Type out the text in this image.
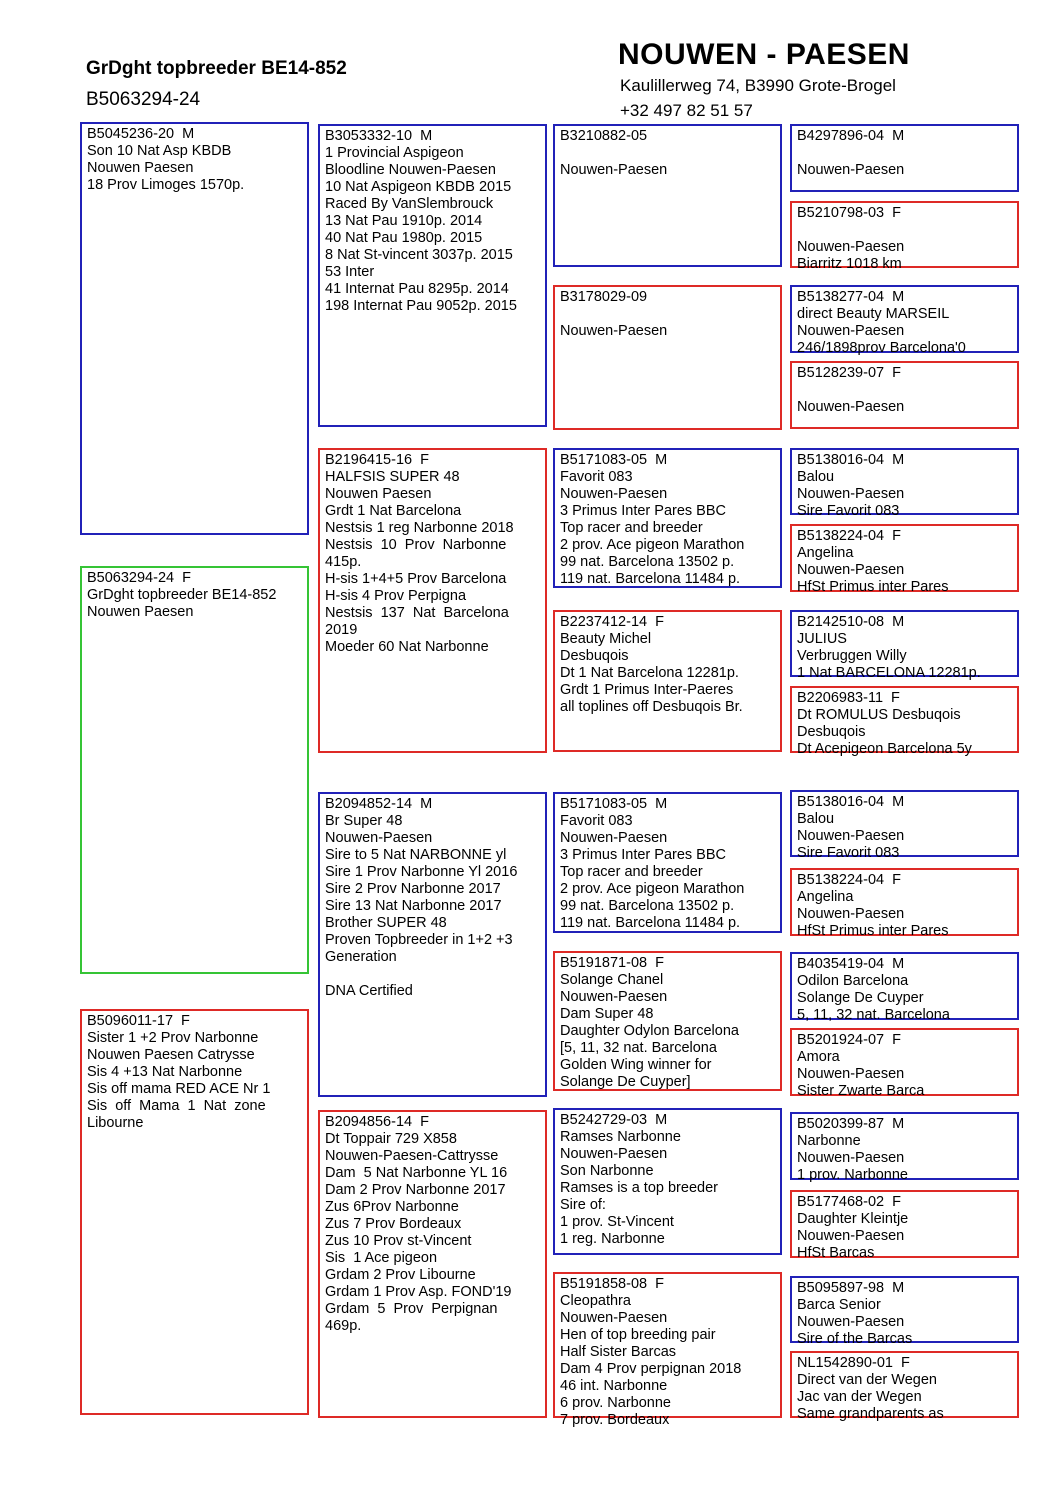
GrDght topbreeder BE14-852
B5063294-24
NOUWEN - PAESEN
Kaulillerweg 74, B3990 Grote-Brogel
+32 497 82 51 57
B5045236-20  M
Son 10 Nat Asp KBDB
Nouwen Paesen
18 Prov Limoges 1570p.
B5063294-24  F
GrDght topbreeder BE14-852
Nouwen Paesen
B5096011-17  F
Sister 1 +2 Prov Narbonne
Nouwen Paesen Catrysse
Sis 4 +13 Nat Narbonne
Sis off mama RED ACE Nr 1
Sis  off  Mama  1  Nat  zone
Libourne
B3053332-10  M
1 Provincial Aspigeon
Bloodline Nouwen-Paesen
10 Nat Aspigeon KBDB 2015
Raced By VanSlembrouck
13 Nat Pau 1910p. 2014
40 Nat Pau 1980p. 2015
8 Nat St-vincent 3037p. 2015
53 Inter
41 Internat Pau 8295p. 2014
198 Internat Pau 9052p. 2015
B2196415-16  F
HALFSIS SUPER 48
Nouwen Paesen
Grdt 1 Nat Barcelona
Nestsis 1 reg Narbonne 2018
Nestsis  10  Prov  Narbonne
415p.
H-sis 1+4+5 Prov Barcelona
H-sis 4 Prov Perpigna
Nestsis  137  Nat  Barcelona
2019
Moeder 60 Nat Narbonne
B2094852-14  M
Br Super 48
Nouwen-Paesen
Sire to 5 Nat NARBONNE yl
Sire 1 Prov Narbonne Yl 2016
Sire 2 Prov Narbonne 2017
Sire 13 Nat Narbonne 2017
Brother SUPER 48
Proven Topbreeder in 1+2 +3
Generation

DNA Certified
B2094856-14  F
Dt Toppair 729 X858
Nouwen-Paesen-Cattrysse
Dam  5 Nat Narbonne YL 16
Dam 2 Prov Narbonne 2017
Zus 6Prov Narbonne
Zus 7 Prov Bordeaux
Zus 10 Prov st-Vincent
Sis  1 Ace pigeon
Grdam 2 Prov Libourne
Grdam 1 Prov Asp. FOND'19
Grdam  5  Prov  Perpignan
469p.
B3210882-05

Nouwen-Paesen
B3178029-09

Nouwen-Paesen
B5171083-05  M
Favorit 083
Nouwen-Paesen
3 Primus Inter Pares BBC
Top racer and breeder
2 prov. Ace pigeon Marathon
99 nat. Barcelona 13502 p.
119 nat. Barcelona 11484 p.
B2237412-14  F
Beauty Michel
Desbuqois
Dt 1 Nat Barcelona 12281p.
Grdt 1 Primus Inter-Paeres
all toplines off Desbuqois Br.
B5171083-05  M
Favorit 083
Nouwen-Paesen
3 Primus Inter Pares BBC
Top racer and breeder
2 prov. Ace pigeon Marathon
99 nat. Barcelona 13502 p.
119 nat. Barcelona 11484 p.
B5191871-08  F
Solange Chanel
Nouwen-Paesen
Dam Super 48
Daughter Odylon Barcelona
[5, 11, 32 nat. Barcelona
Golden Wing winner for
Solange De Cuyper]
B5242729-03  M
Ramses Narbonne
Nouwen-Paesen
Son Narbonne
Ramses is a top breeder
Sire of:
1 prov. St-Vincent
1 reg. Narbonne
B5191858-08  F
Cleopathra
Nouwen-Paesen
Hen of top breeding pair
Half Sister Barcas
Dam 4 Prov perpignan 2018
46 int. Narbonne
6 prov. Narbonne
7 prov. Bordeaux
B4297896-04  M

Nouwen-Paesen
B5210798-03  F

Nouwen-Paesen
Biarritz 1018 km
B5138277-04  M
direct Beauty MARSEIL
Nouwen-Paesen
246/1898prov Barcelona'0
B5128239-07  F

Nouwen-Paesen
B5138016-04  M
Balou
Nouwen-Paesen
Sire Favorit 083
B5138224-04  F
Angelina
Nouwen-Paesen
HfSt Primus inter Pares
B2142510-08  M
JULIUS
Verbruggen Willy
1 Nat BARCELONA 12281p.
B2206983-11  F
Dt ROMULUS Desbuqois
Desbuqois
Dt Acepigeon Barcelona 5y
B5138016-04  M
Balou
Nouwen-Paesen
Sire Favorit 083
B5138224-04  F
Angelina
Nouwen-Paesen
HfSt Primus inter Pares
B4035419-04  M
Odilon Barcelona
Solange De Cuyper
5, 11, 32 nat. Barcelona
B5201924-07  F
Amora
Nouwen-Paesen
Sister Zwarte Barca
B5020399-87  M
Narbonne
Nouwen-Paesen
1 prov. Narbonne
B5177468-02  F
Daughter Kleintje
Nouwen-Paesen
HfSt Barcas
B5095897-98  M
Barca Senior
Nouwen-Paesen
Sire of the Barcas
NL1542890-01  F
Direct van der Wegen
Jac van der Wegen
Same grandparents as
